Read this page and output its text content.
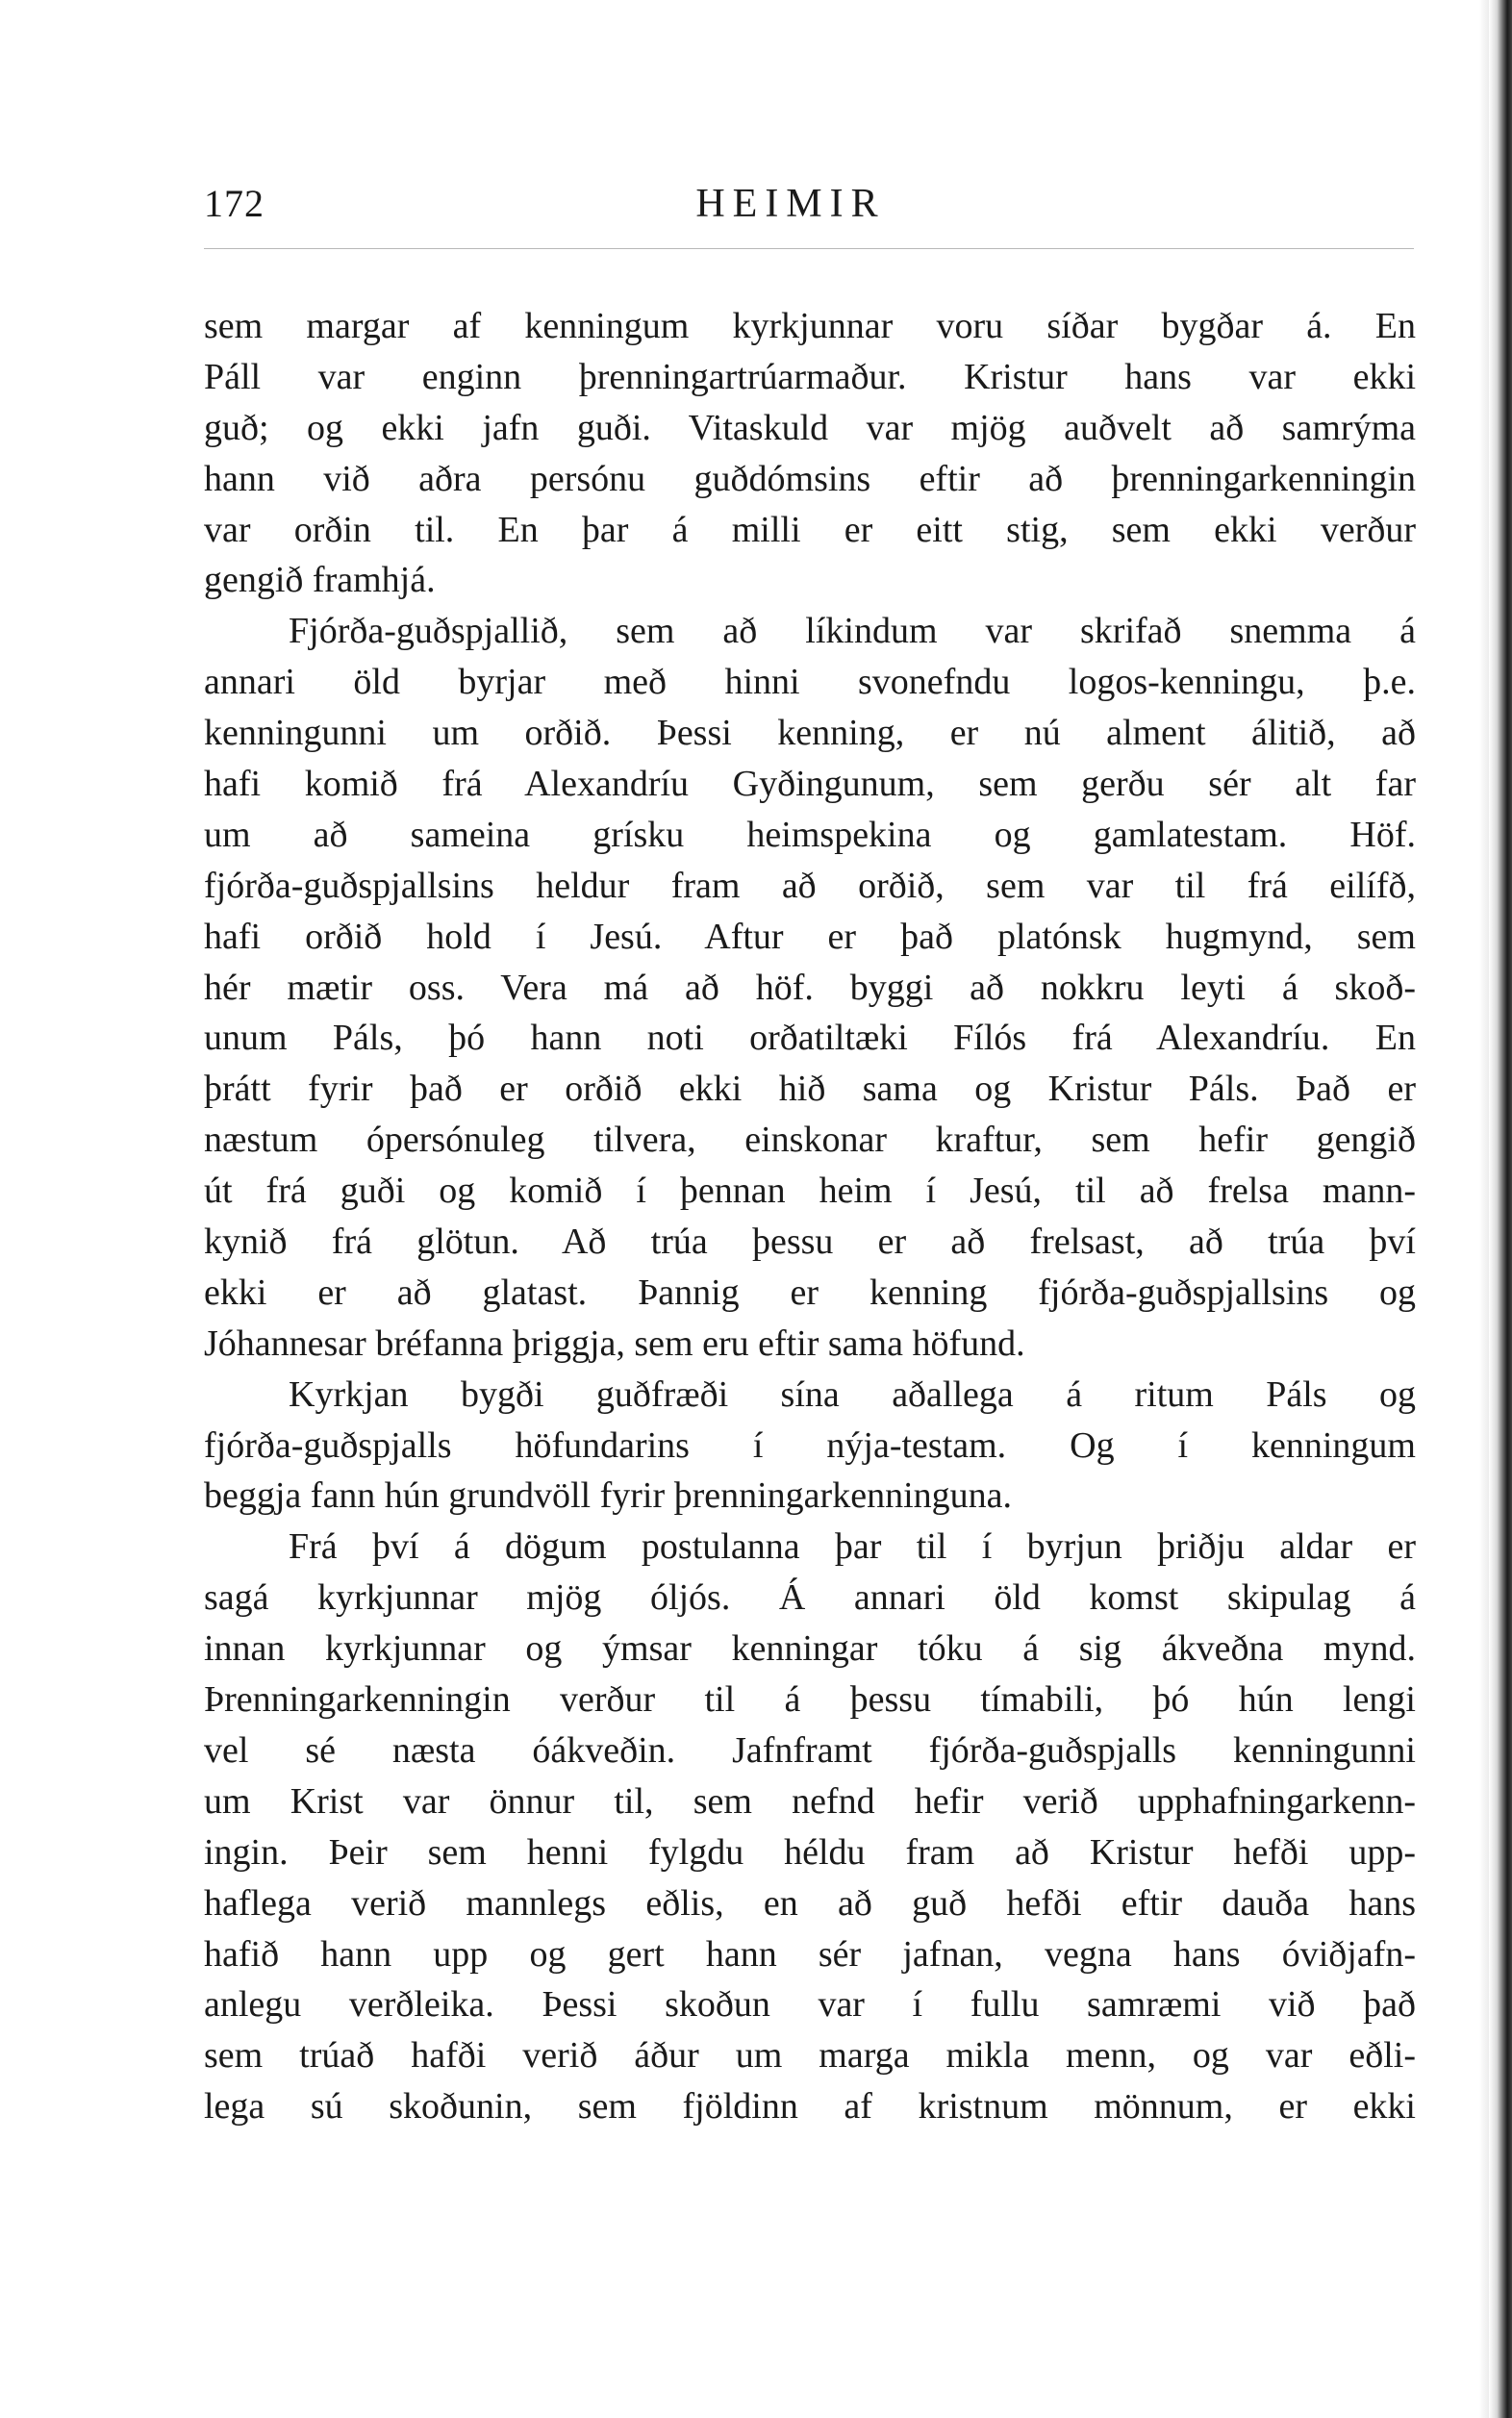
172	HEIMIR
sem margar af kenningum kyrkjunnar voru síðar bygðar á. En
Páll var enginn þrenningartrúarmaður. Kristur hans var ekki
guð; og ekki jafn guði. Vitaskuld var mjög auðvelt að samrýma
hann við aðra persónu guðdómsins eftir að þrenningarkenningin
var orðin til. En þar á milli er eitt stig, sem ekki verður
gengið framhjá.
Fjórða-guðspjallið, sem að líkindum var skrifað snemma á
annari öld byrjar með hinni svonefndu logos-kenningu, þ.e.
kenningunni um orðið. Þessi kenning, er nú alment álitið, að
hafi komið frá Alexandríu Gyðingunum, sem gerðu sér alt far
um að sameina grísku heimspekina og gamlatestam. Höf.
fjórða-guðspjallsins heldur fram að orðið, sem var til frá eilífð,
hafi orðið hold í Jesú. Aftur er það platónsk hugmynd, sem
hér mætir oss. Vera má að höf. byggi að nokkru leyti á skoð-
unum Páls, þó hann noti orðatiltæki Fílós frá Alexandríu. En
þrátt fyrir það er orðið ekki hið sama og Kristur Páls. Það er
næstum ópersónuleg tilvera, einskonar kraftur, sem hefir gengið
út frá guði og komið í þennan heim í Jesú, til að frelsa mann-
kynið frá glötun. Að trúa þessu er að frelsast, að trúa því
ekki er að glatast. Þannig er kenning fjórða-guðspjallsins og
Jóhannesar bréfanna þriggja, sem eru eftir sama höfund.
Kyrkjan bygði guðfræði sína aðallega á ritum Páls og
fjórða-guðspjalls höfundarins í nýja-testam. Og í kenningum
beggja fann hún grundvöll fyrir þrenningarkenninguna.
Frá því á dögum postulanna þar til í byrjun þriðju aldar er
sagá kyrkjunnar mjög óljós. Á annari öld komst skipulag á
innan kyrkjunnar og ýmsar kenningar tóku á sig ákveðna mynd.
Þrenningarkenningin verður til á þessu tímabili, þó hún lengi
vel sé næsta óákveðin. Jafnframt fjórða-guðspjalls kenningunni
um Krist var önnur til, sem nefnd hefir verið upphafningarkenn-
ingin. Þeir sem henni fylgdu héldu fram að Kristur hefði upp-
haflega verið mannlegs eðlis, en að guð hefði eftir dauða hans
hafið hann upp og gert hann sér jafnan, vegna hans óviðjafn-
anlegu verðleika. Þessi skoðun var í fullu samræmi við það
sem trúað hafði verið áður um marga mikla menn, og var eðli-
lega sú skoðunin, sem fjöldinn af kristnum mönnum, er ekki
